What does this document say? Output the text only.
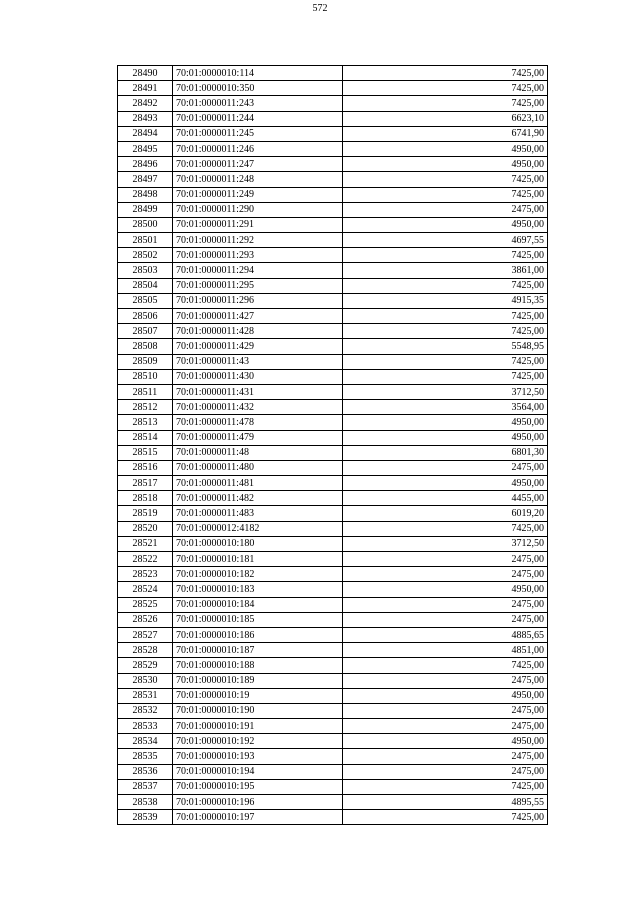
572
28490	70:01:0000010:114	7425,00
28491	70:01:0000010:350	7425,00
28492	70:01:0000011:243	7425,00
28493	70:01:0000011:244	6623,10
28494	70:01:0000011:245	6741,90
28495	70:01:0000011:246	4950,00
28496	70:01:0000011:247	4950,00
28497	70:01:0000011:248	7425,00
28498	70:01:0000011:249	7425,00
28499	70:01:0000011:290	2475,00
28500	70:01:0000011:291	4950,00
28501	70:01:0000011:292	4697,55
28502	70:01:0000011:293	7425,00
28503	70:01:0000011:294	3861,00
28504	70:01:0000011:295	7425,00
28505	70:01:0000011:296	4915,35
28506	70:01:0000011:427	7425,00
28507	70:01:0000011:428	7425,00
28508	70:01:0000011:429	5548,95
28509	70:01:0000011:43	7425,00
28510	70:01:0000011:430	7425,00
28511	70:01:0000011:431	3712,50
28512	70:01:0000011:432	3564,00
28513	70:01:0000011:478	4950,00
28514	70:01:0000011:479	4950,00
28515	70:01:0000011:48	6801,30
28516	70:01:0000011:480	2475,00
28517	70:01:0000011:481	4950,00
28518	70:01:0000011:482	4455,00
28519	70:01:0000011:483	6019,20
28520	70:01:0000012:4182	7425,00
28521	70:01:0000010:180	3712,50
28522	70:01:0000010:181	2475,00
28523	70:01:0000010:182	2475,00
28524	70:01:0000010:183	4950,00
28525	70:01:0000010:184	2475,00
28526	70:01:0000010:185	2475,00
28527	70:01:0000010:186	4885,65
28528	70:01:0000010:187	4851,00
28529	70:01:0000010:188	7425,00
28530	70:01:0000010:189	2475,00
28531	70:01:0000010:19	4950,00
28532	70:01:0000010:190	2475,00
28533	70:01:0000010:191	2475,00
28534	70:01:0000010:192	4950,00
28535	70:01:0000010:193	2475,00
28536	70:01:0000010:194	2475,00
28537	70:01:0000010:195	7425,00
28538	70:01:0000010:196	4895,55
28539	70:01:0000010:197	7425,00
